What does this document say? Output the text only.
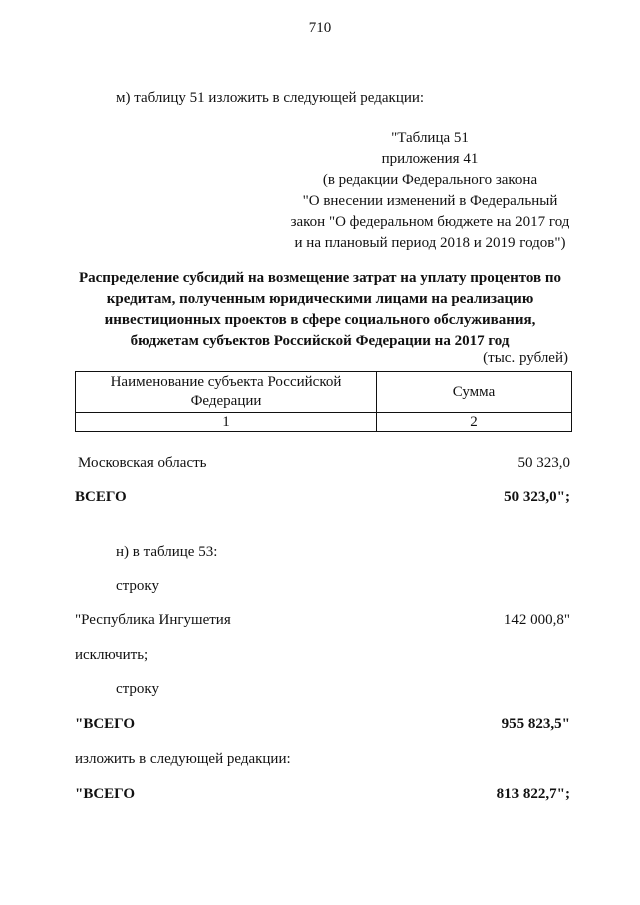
710
м) таблицу 51 изложить в следующей редакции:
"Таблица 51
приложения 41
(в редакции Федерального закона
"О внесении изменений в Федеральный
закон "О федеральном бюджете на 2017 год
и на плановый период 2018 и 2019 годов")
Распределение субсидий на возмещение затрат на уплату процентов по
кредитам, полученным юридическими лицами на реализацию
инвестиционных проектов в сфере социального обслуживания,
бюджетам субъектов Российской Федерации на 2017 год
(тыс. рублей)
Наименование субъекта Российской
Федерации	Сумма
1	2
Московская область	50 323,0
ВСЕГО	50 323,0";
н) в таблице 53:
строку
"Республика Ингушетия	142 000,8"
исключить;
строку
"ВСЕГО	955 823,5"
изложить в следующей редакции:
"ВСЕГО	813 822,7";
